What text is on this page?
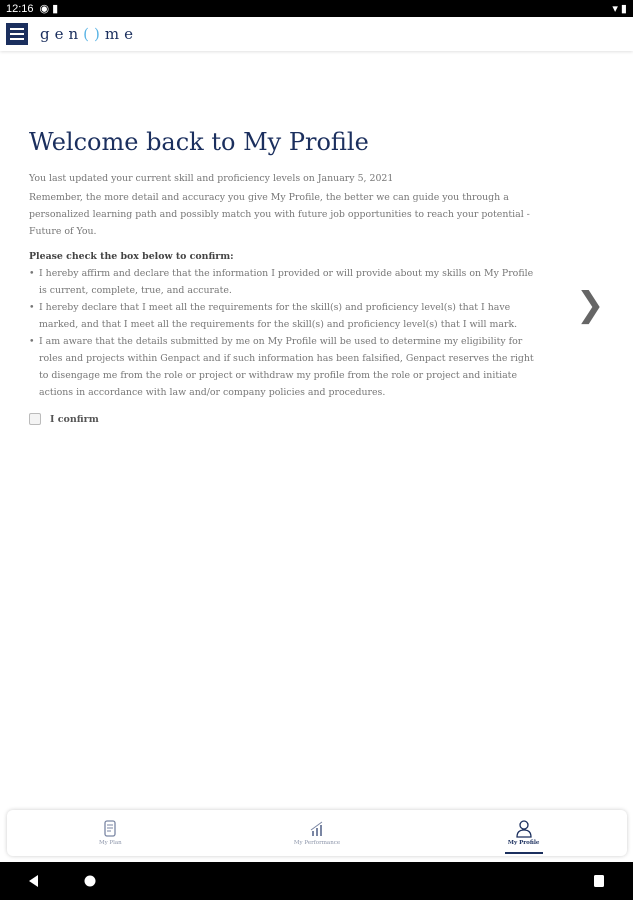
12:16 ◉ ▮	▾ ▮
gen()me
Welcome back to My Profile

You last updated your current skill and proficiency levels on January 5, 2021

Remember, the more detail and accuracy you give My Profile, the better we can guide you through a personalized learning path and possibly match you with future job opportunities to reach your potential - Future of You.

Please check the box below to confirm:
• I hereby affirm and declare that the information I provided or will provide about my skills on My Profile is current, complete, true, and accurate.
• I hereby declare that I meet all the requirements for the skill(s) and proficiency level(s) that I have marked, and that I meet all the requirements for the skill(s) and proficiency level(s) that I will mark.
• I am aware that the details submitted by me on My Profile will be used to determine my eligibility for roles and projects within Genpact and if such information has been falsified, Genpact reserves the right to disengage me from the role or project or withdraw my profile from the role or project and initiate actions in accordance with law and/or company policies and procedures.
I confirm
❯
My Plan	My Performance	My Profile
